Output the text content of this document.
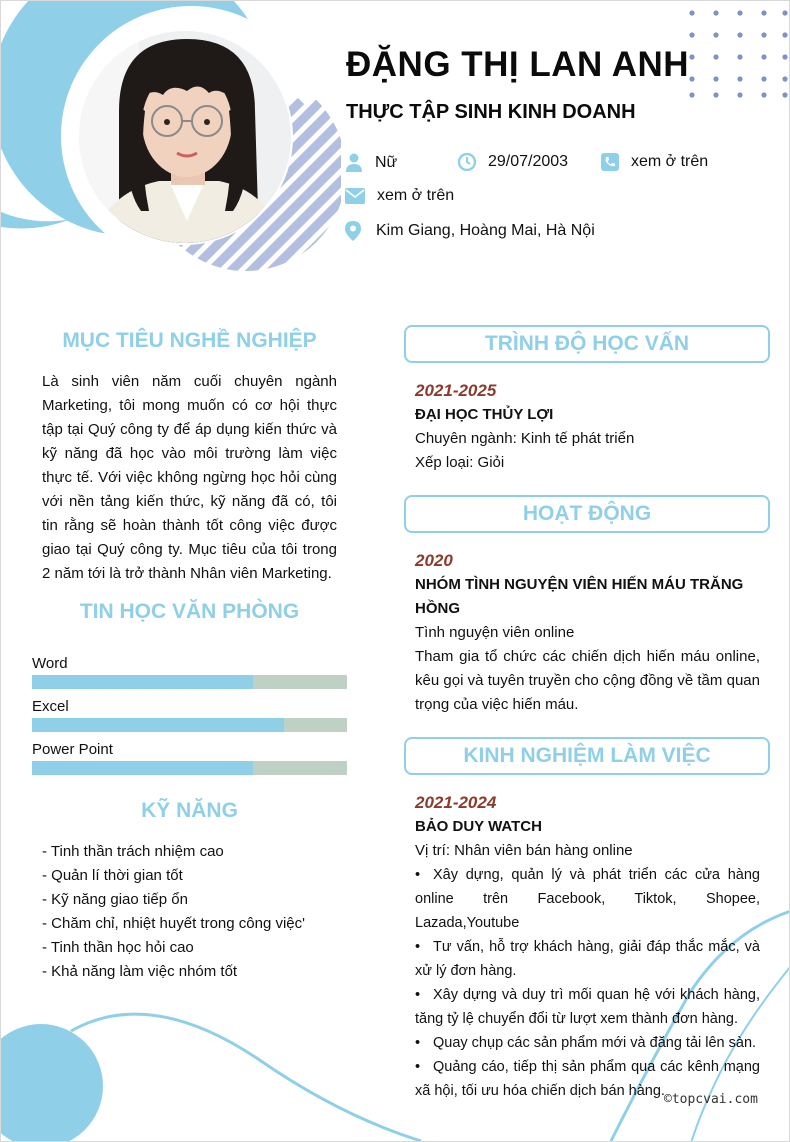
ĐẶNG THỊ LAN ANH
THỰC TẬP SINH KINH DOANH
Nữ	29/07/2003	xem ở trên
xem ở trên
Kim Giang, Hoàng Mai, Hà Nội
MỤC TIÊU NGHỀ NGHIỆP
Là sinh viên năm cuối chuyên ngành Marketing, tôi mong muốn có cơ hội thực tập tại Quý công ty để áp dụng kiến thức và kỹ năng đã học vào môi trường làm việc thực tế. Với việc không ngừng học hỏi cùng với nền tảng kiến thức, kỹ năng đã có, tôi tin rằng sẽ hoàn thành tốt công việc được giao tại Quý công ty. Mục tiêu của tôi trong 2 năm tới là trở thành Nhân viên Marketing.
TIN HỌC VĂN PHÒNG
Word
Excel
Power Point
KỸ NĂNG
- Tinh thần trách nhiệm cao
- Quản lí thời gian tốt
- Kỹ năng giao tiếp ổn
- Chăm chỉ, nhiệt huyết trong công việc'
- Tinh thần học hỏi cao
- Khả năng làm việc nhóm tốt
TRÌNH ĐỘ HỌC VẤN
2021-2025
ĐẠI HỌC THỦY LỢI
Chuyên ngành: Kinh tế phát triển
Xếp loại: Giỏi
HOẠT ĐỘNG
2020
NHÓM TÌNH NGUYỆN VIÊN HIẾN MÁU TRĂNG
HỒNG
Tình nguyện viên online
Tham gia tổ chức các chiến dịch hiến máu online, kêu gọi và tuyên truyền cho cộng đồng về tầm quan trọng của việc hiến máu.
KINH NGHIỆM LÀM VIỆC
2021-2024
BẢO DUY WATCH
Vị trí: Nhân viên bán hàng online
• Xây dựng, quản lý và phát triển các cửa hàng online trên Facebook, Tiktok, Shopee, Lazada,Youtube
• Tư vấn, hỗ trợ khách hàng, giải đáp thắc mắc, và xử lý đơn hàng.
• Xây dựng và duy trì mối quan hệ với khách hàng, tăng tỷ lệ chuyển đổi từ lượt xem thành đơn hàng.
• Quay chụp các sản phẩm mới và đăng tải lên sàn.
• Quảng cáo, tiếp thị sản phẩm qua các kênh mạng xã hội, tối ưu hóa chiến dịch bán hàng.
©topcvai.com
